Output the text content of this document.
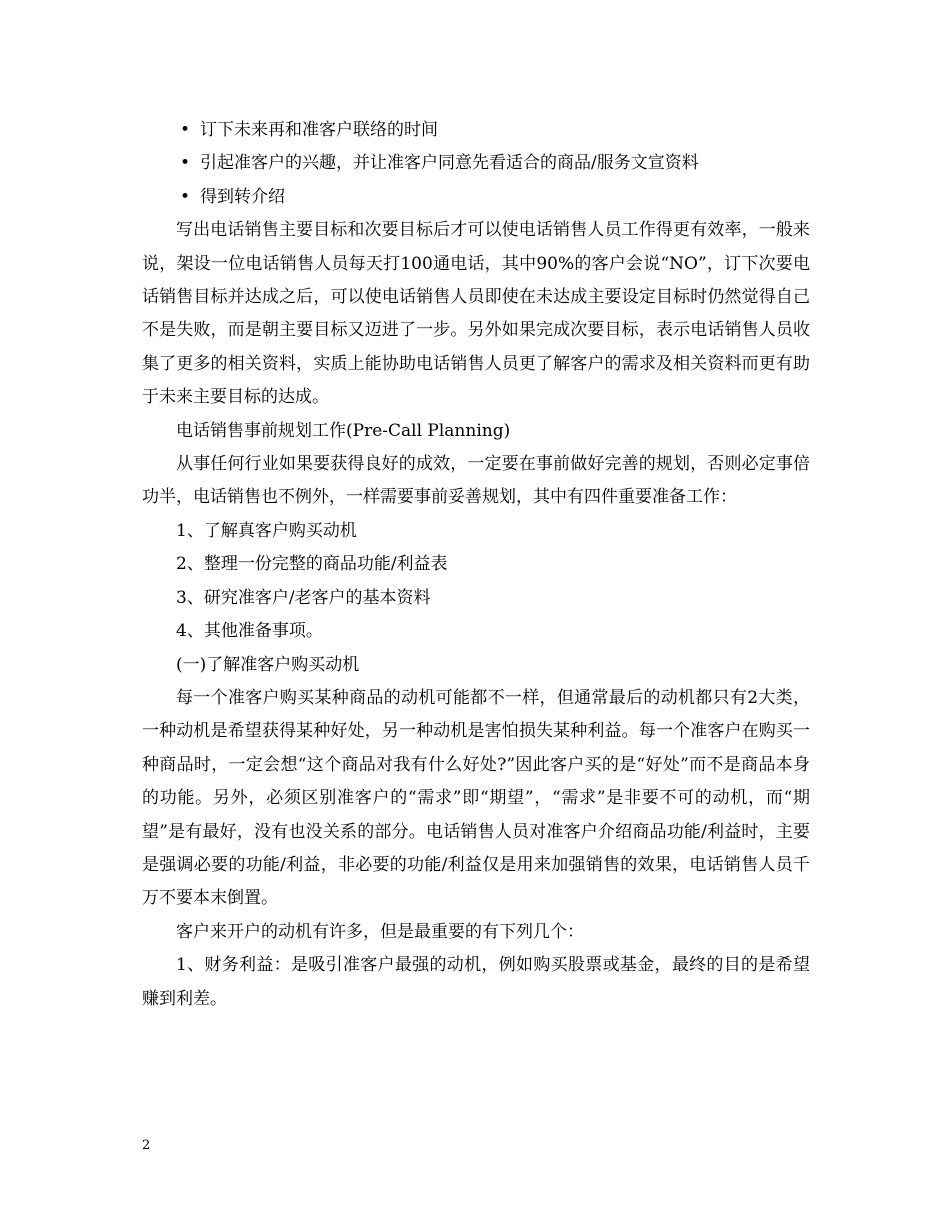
• 订下未来再和准客户联络的时间
• 引起准客户的兴趣，并让准客户同意先看适合的商品/服务文宣资料
• 得到转介绍

写出电话销售主要目标和次要目标后才可以使电话销售人员工作得更有效率，一般来说，架设一位电话销售人员每天打100通电话，其中90%的客户会说“NO”，订下次要电话销售目标并达成之后，可以使电话销售人员即使在未达成主要设定目标时仍然觉得自己不是失败，而是朝主要目标又迈进了一步。另外如果完成次要目标，表示电话销售人员收集了更多的相关资料，实质上能协助电话销售人员更了解客户的需求及相关资料而更有助于未来主要目标的达成。

电话销售事前规划工作(Pre-Call Planning)

从事任何行业如果要获得良好的成效，一定要在事前做好完善的规划，否则必定事倍功半，电话销售也不例外，一样需要事前妥善规划，其中有四件重要准备工作：

1、了解真客户购买动机

2、整理一份完整的商品功能/利益表

3、研究准客户/老客户的基本资料

4、其他准备事项。

(一)了解准客户购买动机

每一个准客户购买某种商品的动机可能都不一样，但通常最后的动机都只有2大类，一种动机是希望获得某种好处，另一种动机是害怕损失某种利益。每一个准客户在购买一种商品时，一定会想“这个商品对我有什么好处?”因此客户买的是“好处”而不是商品本身的功能。另外，必须区别准客户的“需求”即“期望”，“需求”是非要不可的动机，而“期望”是有最好，没有也没关系的部分。电话销售人员对准客户介绍商品功能/利益时，主要是强调必要的功能/利益，非必要的功能/利益仅是用来加强销售的效果，电话销售人员千万不要本末倒置。

客户来开户的动机有许多，但是最重要的有下列几个：

1、财务利益：是吸引准客户最强的动机，例如购买股票或基金，最终的目的是希望赚到利差。

2
